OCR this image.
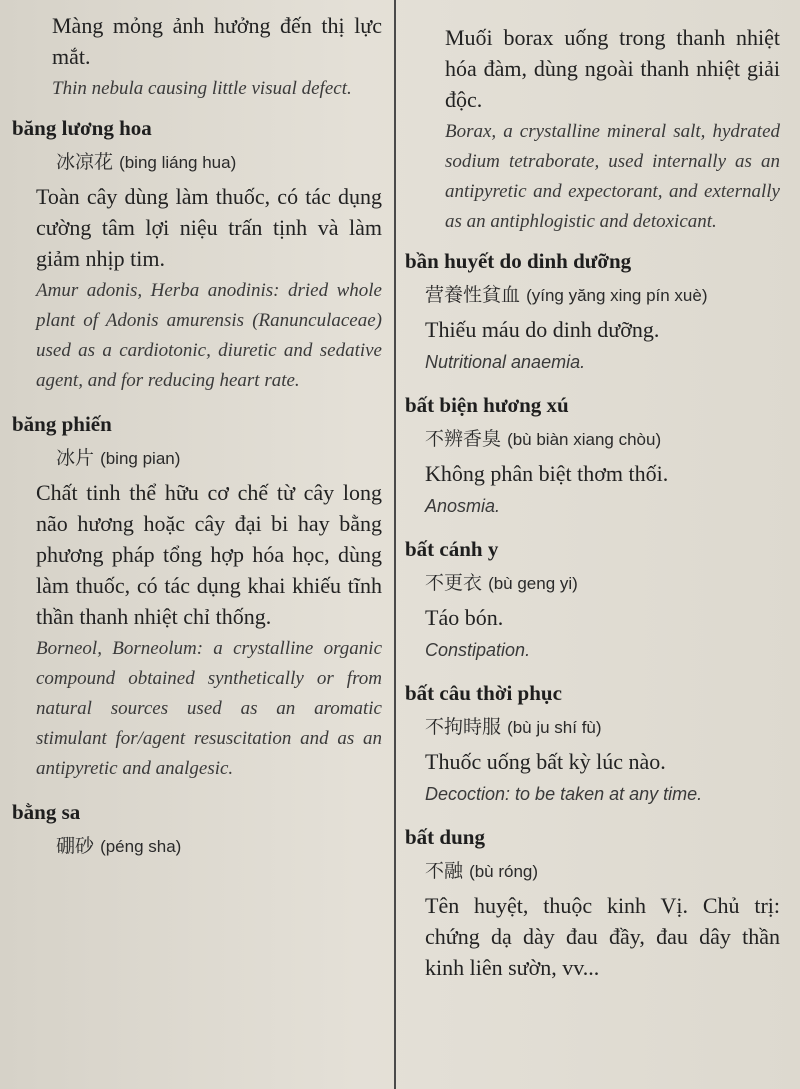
Màng mỏng ảnh hưởng đến thị lực mắt.
Thin nebula causing little visual defect.
băng lương hoa
冰凉花 (bing liáng hua)
Toàn cây dùng làm thuốc, có tác dụng cường tâm lợi niệu trấn tịnh và làm giảm nhịp tim.
Amur adonis, Herba anodinis: dried whole plant of Adonis amurensis (Ranunculaceae) used as a cardiotonic, diuretic and sedative agent, and for reducing heart rate.
băng phiến
冰片 (bing pian)
Chất tinh thể hữu cơ chế từ cây long não hương hoặc cây đại bi hay bằng phương pháp tổng hợp hóa học, dùng làm thuốc, có tác dụng khai khiếu tĩnh thần thanh nhiệt chỉ thống.
Borneol, Borneolum: a crystalline organic compound obtained synthetically or from natural sources used as an aromatic stimulant for/agent resuscitation and as an antipyretic and analgesic.
bằng sa
硼砂 (péng sha)
Muối borax uống trong thanh nhiệt hóa đàm, dùng ngoài thanh nhiệt giải độc.
Borax, a crystalline mineral salt, hydrated sodium tetraborate, used internally as an antipyretic and expectorant, and externally as an antiphlogistic and detoxicant.
bần huyết do dinh dưỡng
营養性貧血 (yíng yăng xing pín xuè)
Thiếu máu do dinh dưỡng.
Nutritional anaemia.
bất biện hương xú
不辨香臭 (bù biàn xiang chòu)
Không phân biệt thơm thối.
Anosmia.
bất cánh y
不更衣 (bù geng yi)
Táo bón.
Constipation.
bất câu thời phục
不拘時服 (bù ju shí fù)
Thuốc uống bất kỳ lúc nào.
Decoction: to be taken at any time.
bất dung
不融 (bù róng)
Tên huyệt, thuộc kinh Vị. Chủ trị: chứng dạ dày đau đầy, đau dây thần kinh liên sườn, vv...
